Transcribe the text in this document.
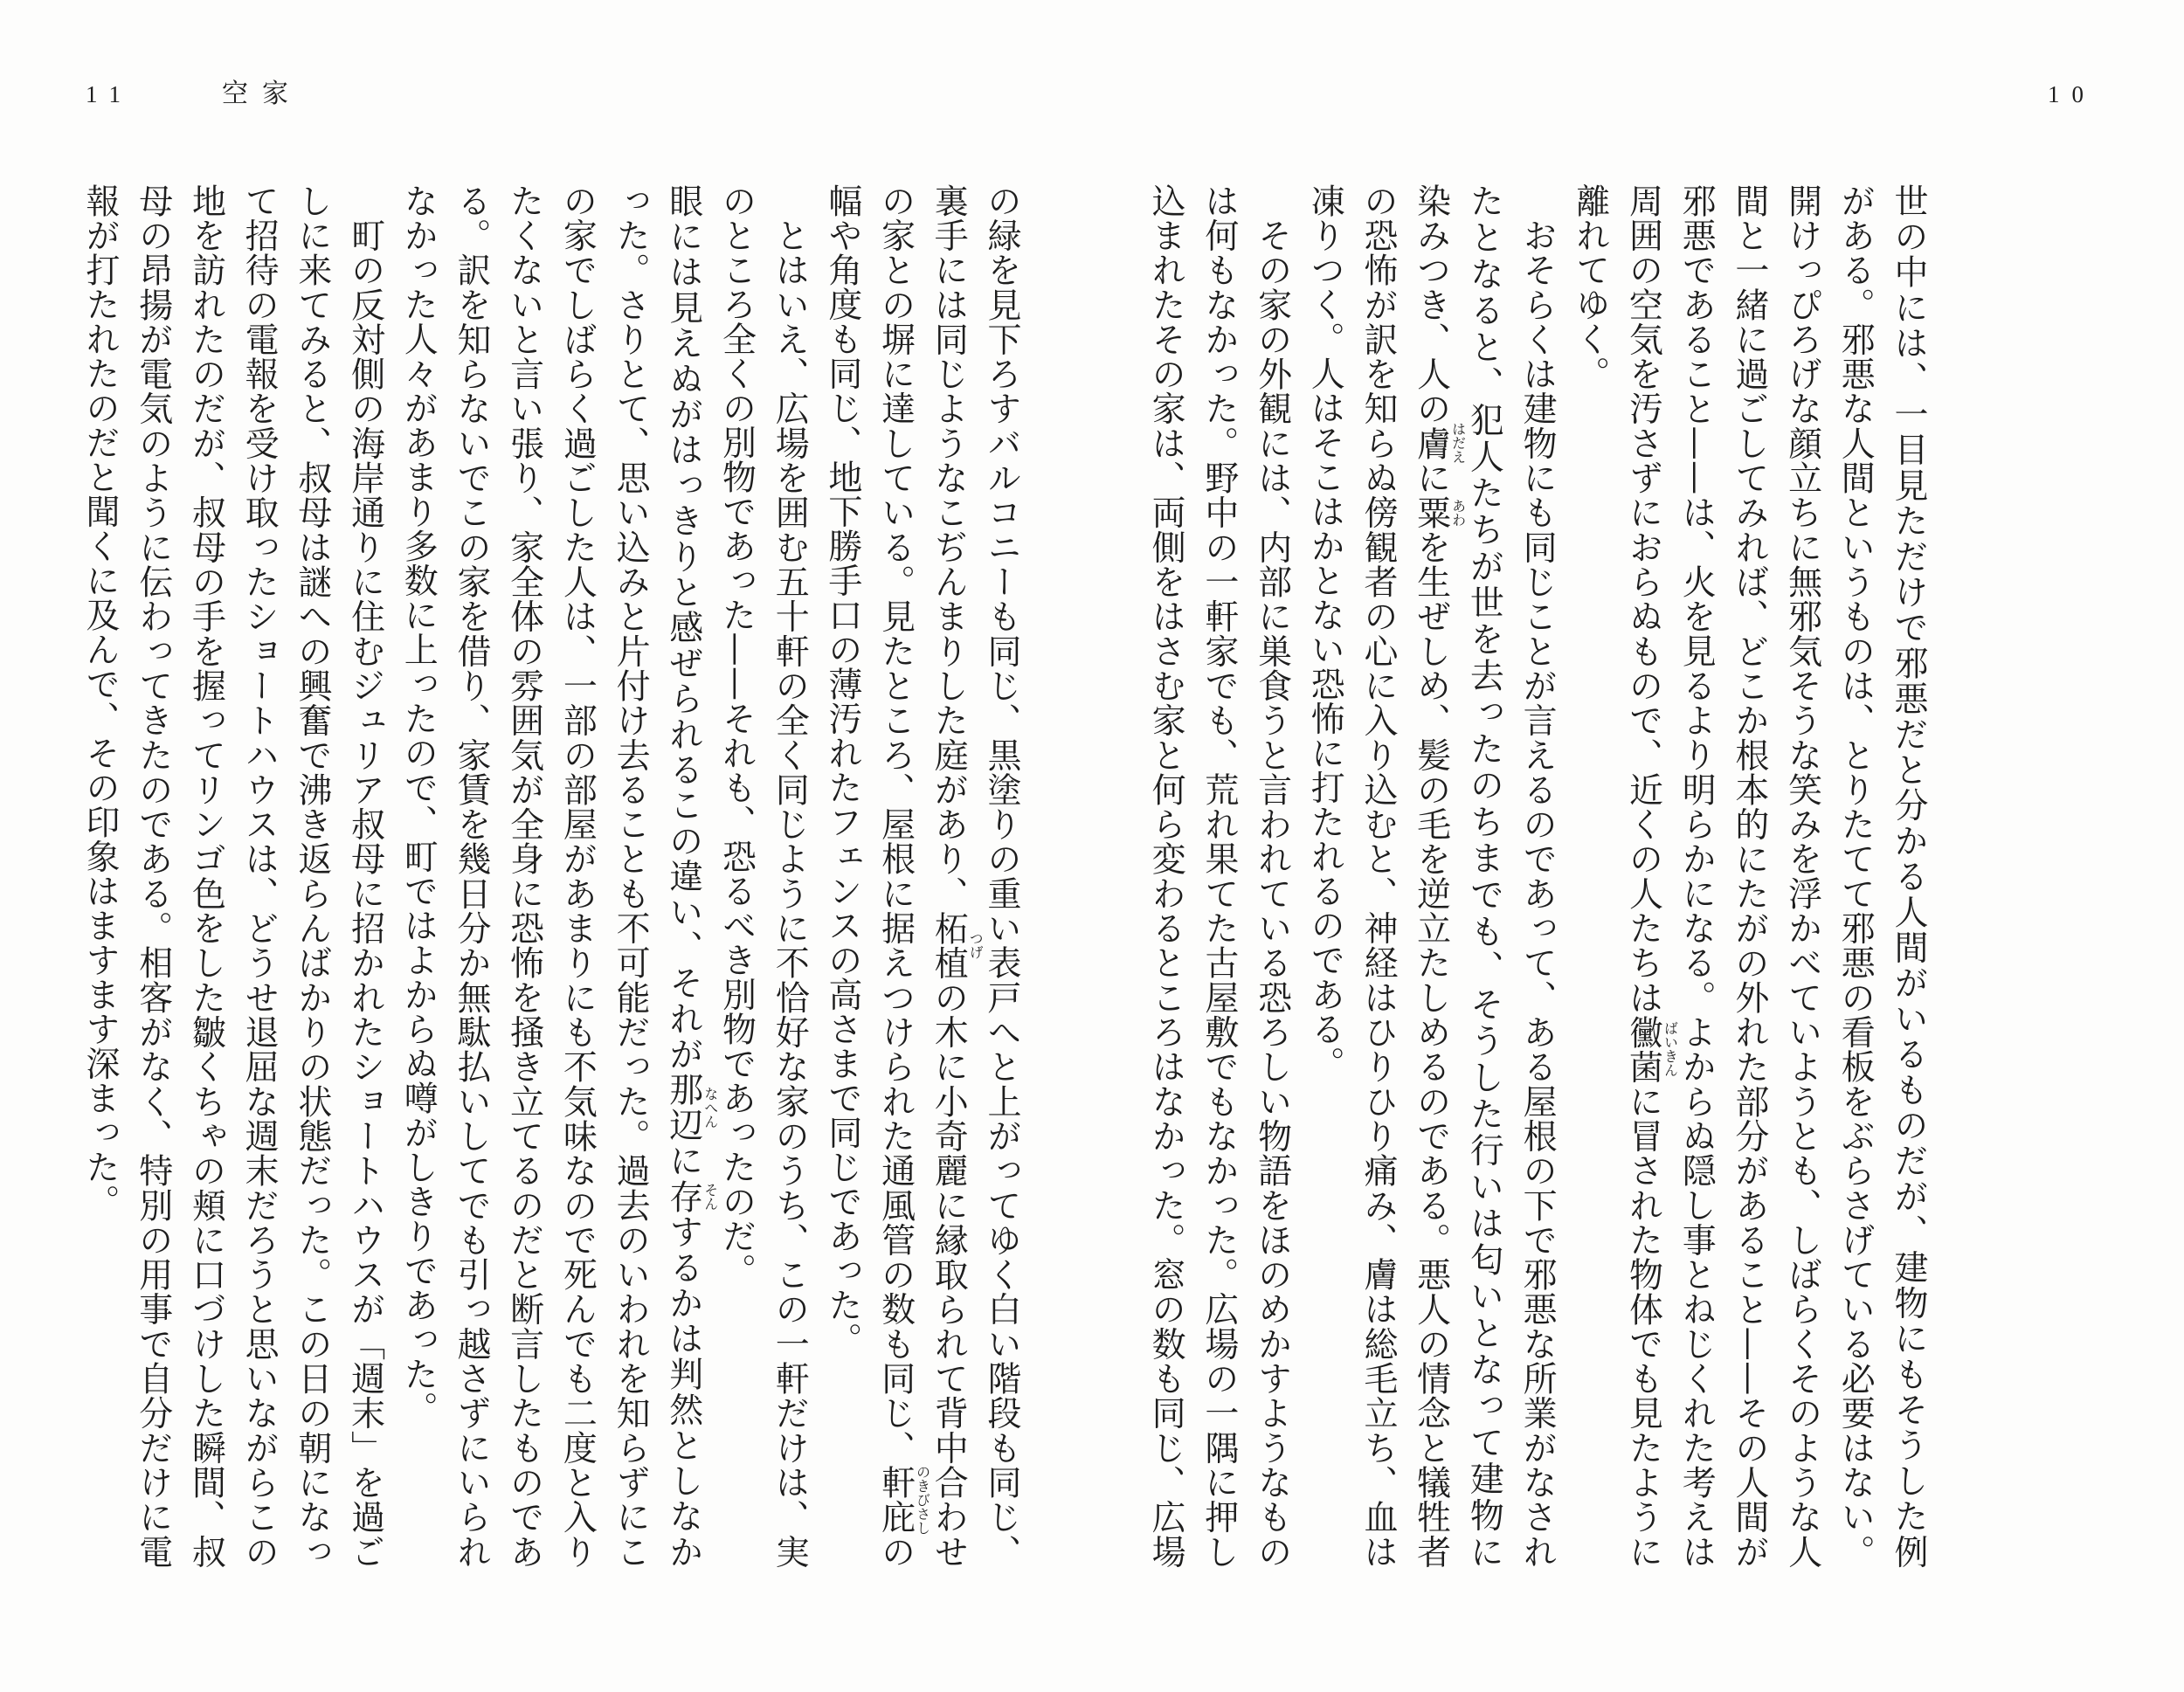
11	空家
の緑を見下ろすバルコニーも同じ、黒塗りの重い表戸へと上がってゆく白い階段も同じ、
裏手には同じようなこぢんまりした庭があり、柘植 つげ
の木に小奇麗に縁取られて背中合わせ
の家との塀に達している。見たところ、屋根に据えつけられた通風管の数も同じ、軒庇 のきびさし
の
幅や角度も同じ、地下勝手口の薄汚れたフェンスの高さまで同じであった。
　とはいえ、広場を囲む五十軒の全く同じように不恰好な家のうち、この一軒だけは、実
のところ全くの別物であった——それも、恐るべき別物であったのだ。
眼には見えぬがはっきりと感ぜられるこの違い、それが那辺 なへん
に存 そん
するかは判然としなか
った。さりとて、思い込みと片付け去ることも不可能だった。過去のいわれを知らずにこ
の家でしばらく過ごした人は、一部の部屋があまりにも不気味なので死んでも二度と入り
たくないと言い張り、家全体の雰囲気が全身に恐怖を掻き立てるのだと断言したものであ
る。訳を知らないでこの家を借り、家賃を幾日分か無駄払いしてでも引っ越さずにいられ
なかった人々があまり多数に上ったので、町ではよからぬ噂がしきりであった。
　町の反対側の海岸通りに住むジュリア叔母に招かれたショートハウスが「週末」を過ご
しに来てみると、叔母は謎への興奮で沸き返らんばかりの状態だった。この日の朝になっ
て招待の電報を受け取ったショートハウスは、どうせ退屈な週末だろうと思いながらこの
地を訪れたのだが、叔母の手を握ってリンゴ色をした皺くちゃの頬に口づけした瞬間、叔
母の昂揚が電気のように伝わってきたのである。相客がなく、特別の用事で自分だけに電
報が打たれたのだと聞くに及んで、その印象はますます深まった。
10
世の中には、一目見ただけで邪悪だと分かる人間がいるものだが、建物にもそうした例
がある。邪悪な人間というものは、とりたてて邪悪の看板をぶらさげている必要はない。
開けっぴろげな顔立ちに無邪気そうな笑みを浮かべていようとも、しばらくそのような人
間と一緒に過ごしてみれば、どこか根本的にたがの外れた部分があること——その人間が
邪悪であること——は、火を見るより明らかになる。よからぬ隠し事とねじくれた考えは
周囲の空気を汚さずにおらぬもので、近くの人たちは黴菌 ばいきん
に冒された物体でも見たように
離れてゆく。
　おそらくは建物にも同じことが言えるのであって、ある屋根の下で邪悪な所業がなされ
たとなると、犯人たちが世を去ったのちまでも、そうした行いは匂いとなって建物に
染みつき、人の膚 はだえ
に粟 あわ
を生ぜしめ、髪の毛を逆立たしめるのである。悪人の情念と犠牲者
の恐怖が訳を知らぬ傍観者の心に入り込むと、神経はひりひり痛み、膚は総毛立ち、血は
凍りつく。人はそこはかとない恐怖に打たれるのである。
　その家の外観には、内部に巣食うと言われている恐ろしい物語をほのめかすようなもの
は何もなかった。野中の一軒家でも、荒れ果てた古屋敷でもなかった。広場の一隅に押し
込まれたその家は、両側をはさむ家と何ら変わるところはなかった。窓の数も同じ、広場
